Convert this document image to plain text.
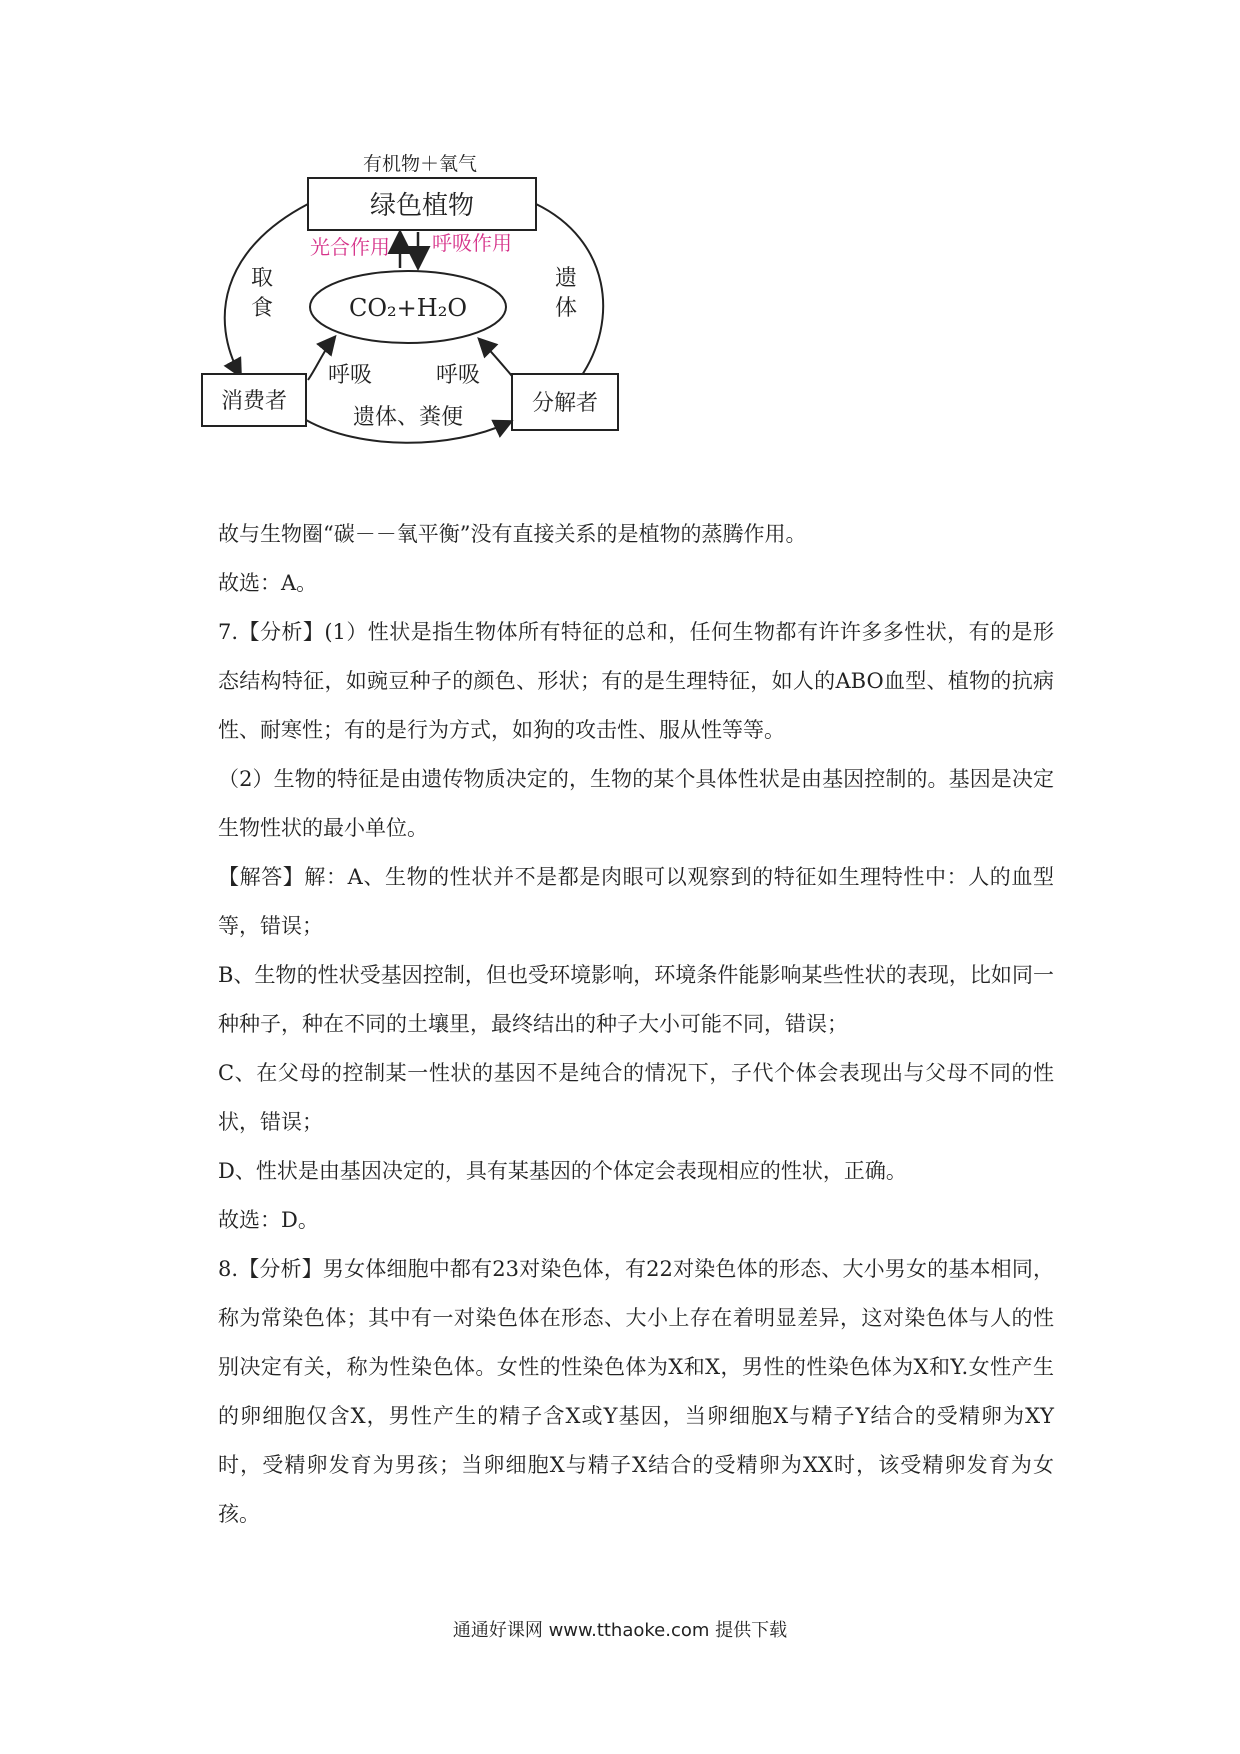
有机物＋氧气
绿色植物
光合作用 呼吸作用
CO₂+H₂O
取
食
遗
体
消费者	分解者
呼吸	呼吸
遗体、粪便

故与生物圈“碳－－氧平衡”没有直接关系的是植物的蒸腾作用。

故选：A。

7.【分析】(1）性状是指生物体所有特征的总和，任何生物都有许许多多性状，有的是形态结构特征，如豌豆种子的颜色、形状；有的是生理特征，如人的ABO血型、植物的抗病性、耐寒性；有的是行为方式，如狗的攻击性、服从性等等。

（2）生物的特征是由遗传物质决定的，生物的某个具体性状是由基因控制的。基因是决定生物性状的最小单位。

【解答】解：A、生物的性状并不是都是肉眼可以观察到的特征如生理特性中：人的血型等，错误；

B、生物的性状受基因控制，但也受环境影响，环境条件能影响某些性状的表现，比如同一种种子，种在不同的土壤里，最终结出的种子大小可能不同，错误；

C、在父母的控制某一性状的基因不是纯合的情况下，子代个体会表现出与父母不同的性状，错误；

D、性状是由基因决定的，具有某基因的个体定会表现相应的性状，正确。

故选：D。

8.【分析】男女体细胞中都有23对染色体，有22对染色体的形态、大小男女的基本相同，称为常染色体；其中有一对染色体在形态、大小上存在着明显差异，这对染色体与人的性别决定有关，称为性染色体。女性的性染色体为X和X，男性的性染色体为X和Y.女性产生的卵细胞仅含X，男性产生的精子含X或Y基因，当卵细胞X与精子Y结合的受精卵为XY时，受精卵发育为男孩；当卵细胞X与精子X结合的受精卵为XX时，该受精卵发育为女孩。

通通好课网 www.tthaoke.com 提供下载
